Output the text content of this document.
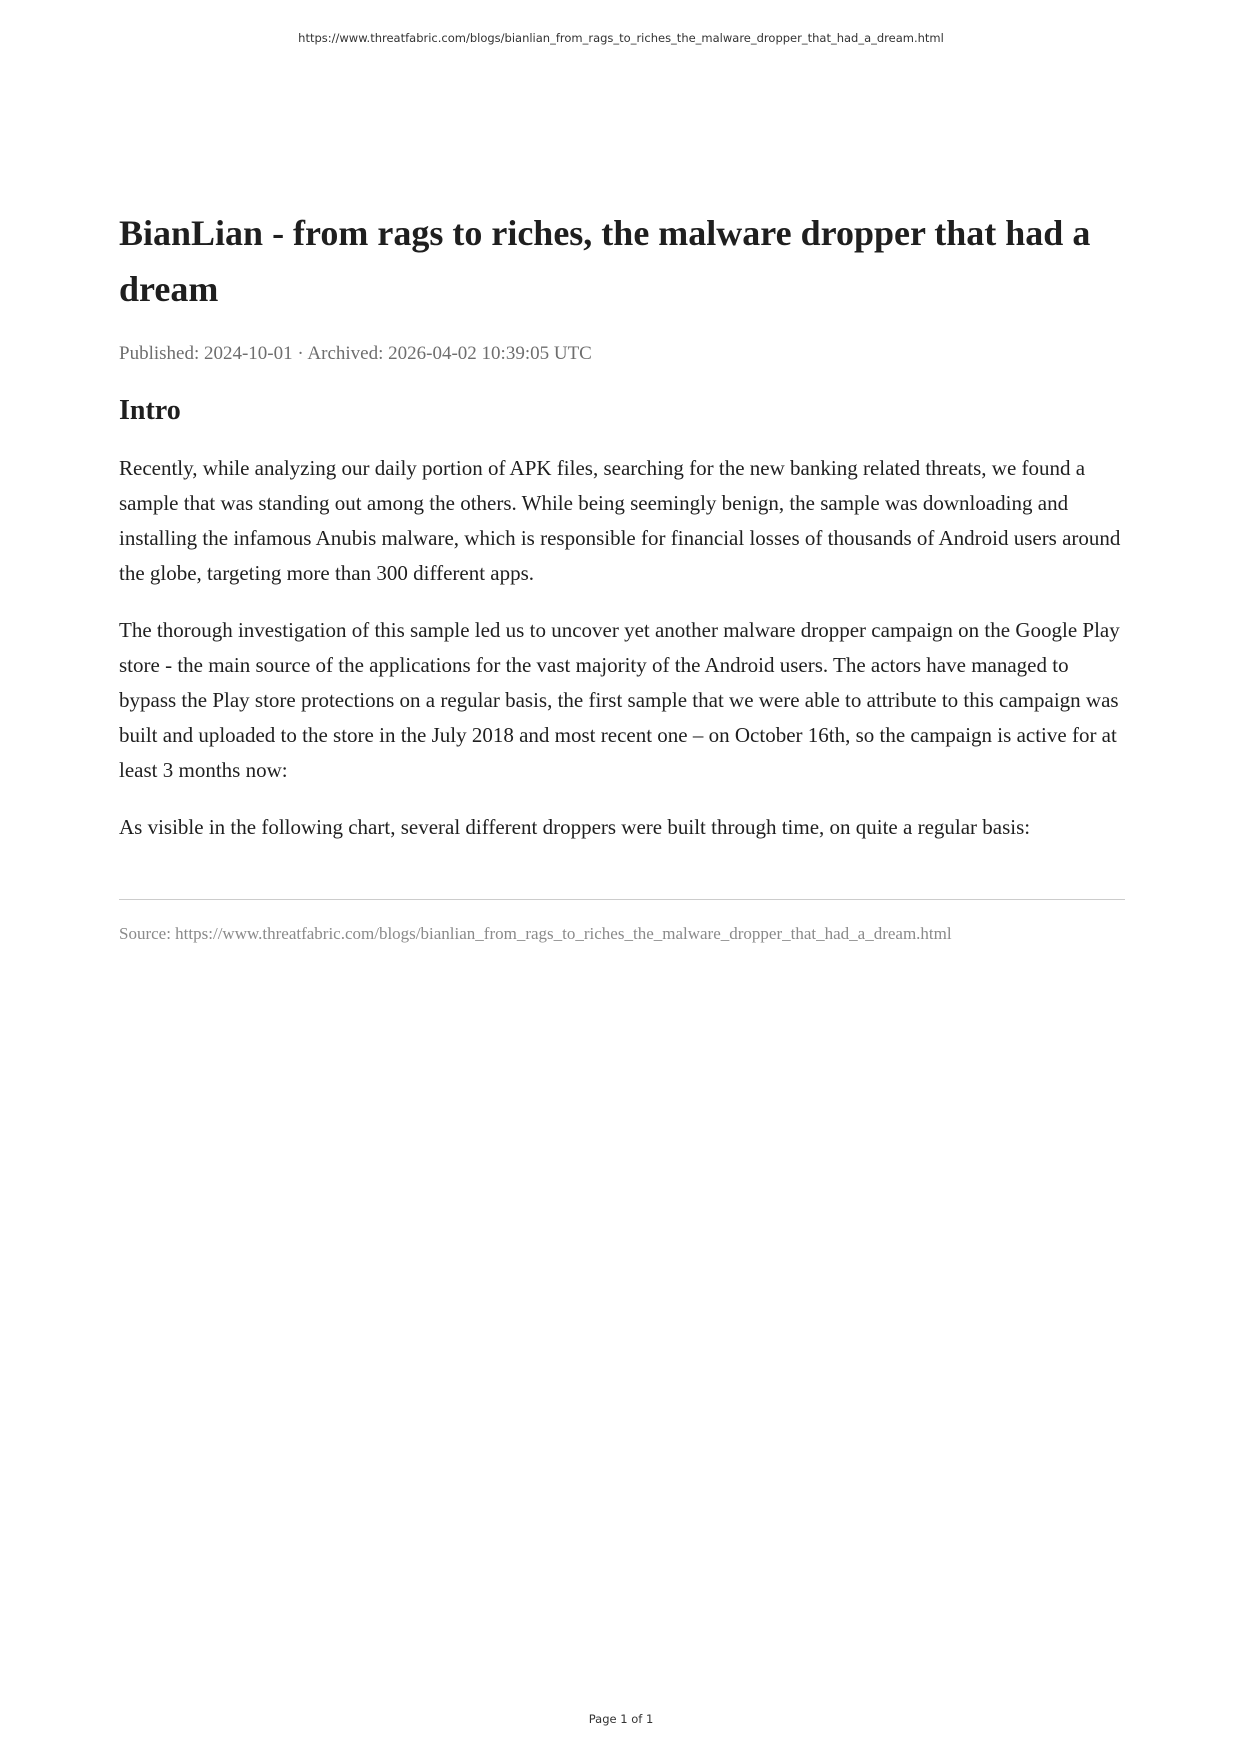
https://www.threatfabric.com/blogs/bianlian_from_rags_to_riches_the_malware_dropper_that_had_a_dream.html
BianLian - from rags to riches, the malware dropper that had a dream

Published: 2024-10-01 · Archived: 2026-04-02 10:39:05 UTC

Intro

Recently, while analyzing our daily portion of APK files, searching for the new banking related threats, we found a sample that was standing out among the others. While being seemingly benign, the sample was downloading and installing the infamous Anubis malware, which is responsible for financial losses of thousands of Android users around the globe, targeting more than 300 different apps.

The thorough investigation of this sample led us to uncover yet another malware dropper campaign on the Google Play store - the main source of the applications for the vast majority of the Android users. The actors have managed to bypass the Play store protections on a regular basis, the first sample that we were able to attribute to this campaign was built and uploaded to the store in the July 2018 and most recent one – on October 16th, so the campaign is active for at least 3 months now:

As visible in the following chart, several different droppers were built through time, on quite a regular basis:

Source: https://www.threatfabric.com/blogs/bianlian_from_rags_to_riches_the_malware_dropper_that_had_a_dream.html

Page 1 of 1
